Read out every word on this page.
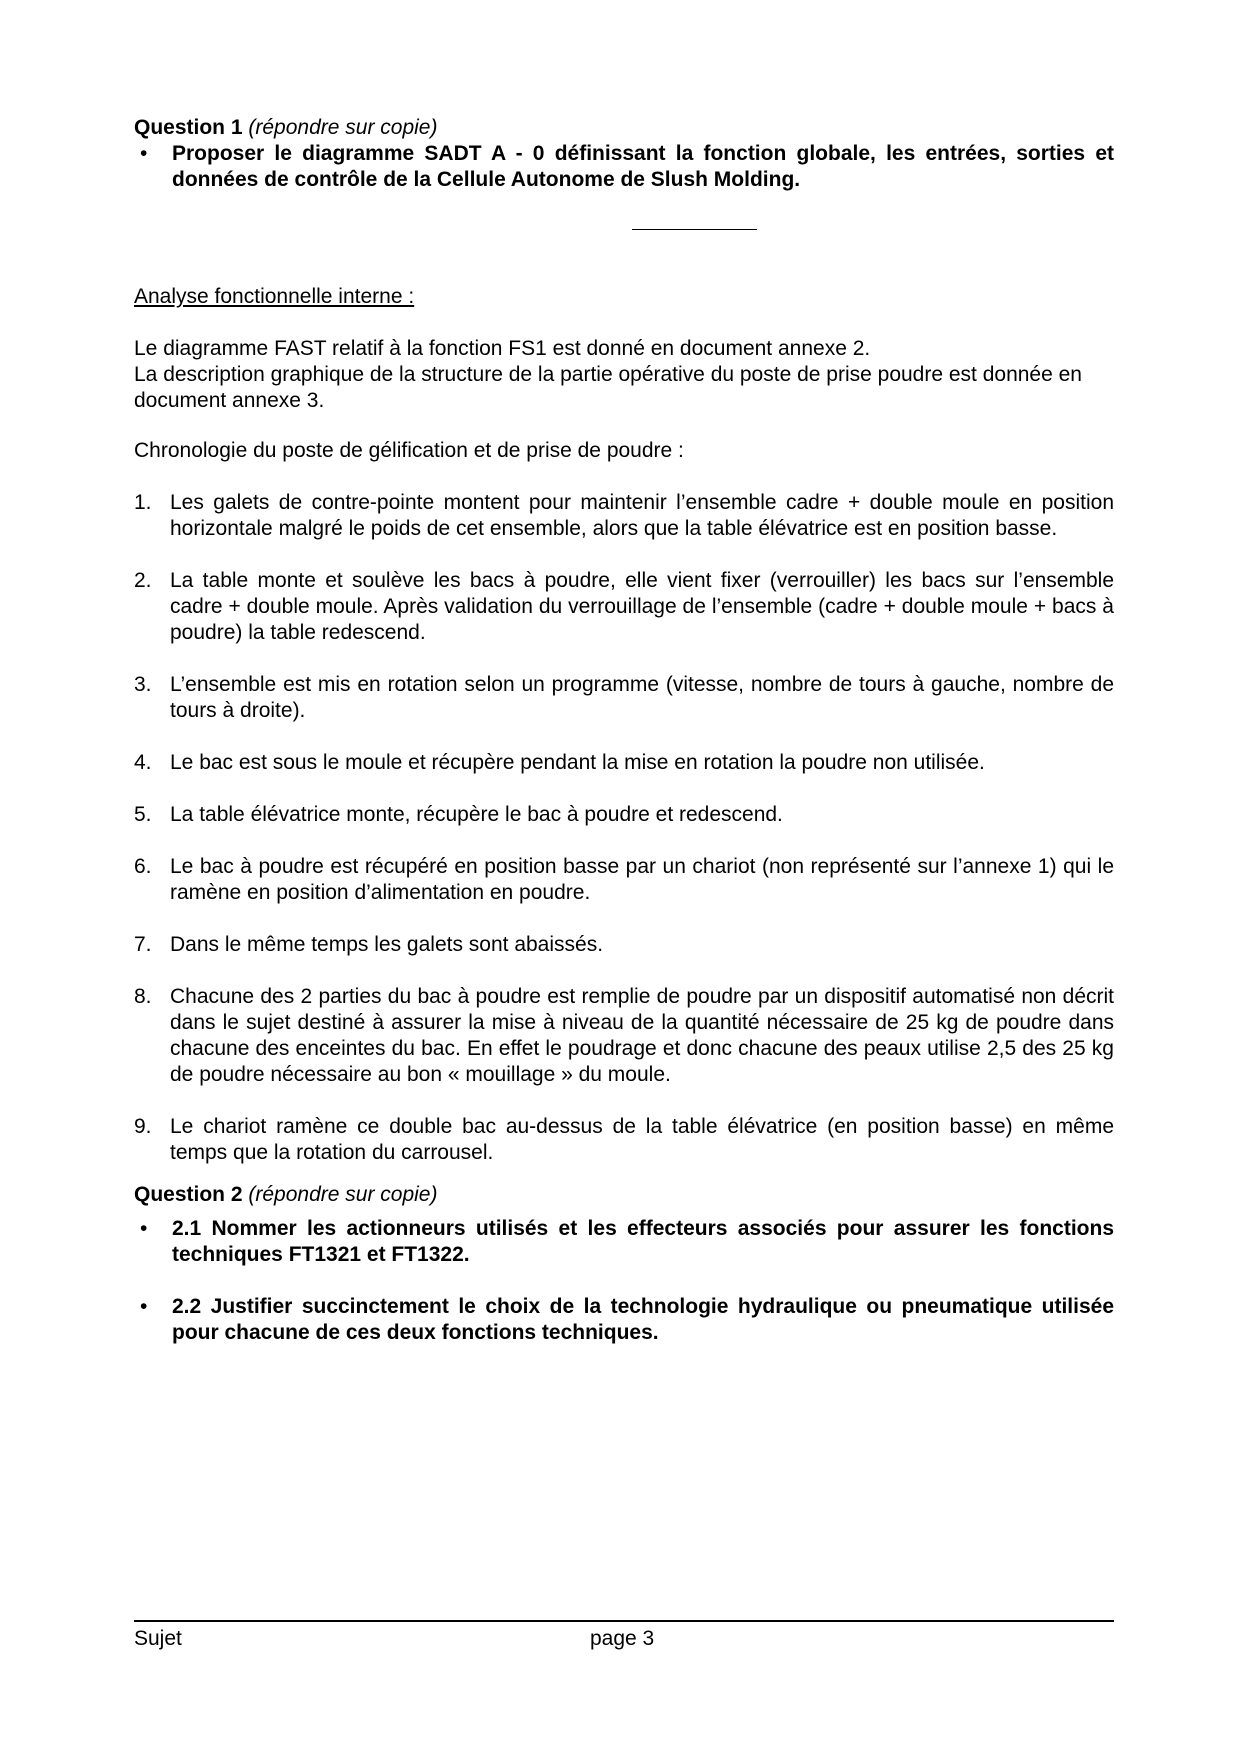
Question 1 (répondre sur copie)

• Proposer le diagramme SADT A - 0 définissant la fonction globale, les entrées, sorties et données de contrôle de la Cellule Autonome de Slush Molding.

Analyse fonctionnelle interne :

Le diagramme FAST relatif à la fonction FS1 est donné en document annexe 2.

La description graphique de la structure de la partie opérative du poste de prise poudre est donnée en document annexe 3.

Chronologie du poste de gélification et de prise de poudre :

1. Les galets de contre-pointe montent pour maintenir l’ensemble cadre + double moule en position horizontale malgré le poids de cet ensemble, alors que la table élévatrice est en position basse.
2. La table monte et soulève les bacs à poudre, elle vient fixer (verrouiller) les bacs sur l’ensemble cadre + double moule. Après validation du verrouillage de l’ensemble (cadre + double moule + bacs à poudre) la table redescend.
3. L’ensemble est mis en rotation selon un programme (vitesse, nombre de tours à gauche, nombre de tours à droite).
4. Le bac est sous le moule et récupère pendant la mise en rotation la poudre non utilisée.
5. La table élévatrice monte, récupère le bac à poudre et redescend.
6. Le bac à poudre est récupéré en position basse par un chariot (non représenté sur l’annexe 1) qui le ramène en position d’alimentation en poudre.
7. Dans le même temps les galets sont abaissés.
8. Chacune des 2 parties du bac à poudre est remplie de poudre par un dispositif automatisé non décrit dans le sujet destiné à assurer la mise à niveau de la quantité nécessaire de 25 kg de poudre dans chacune des enceintes du bac. En effet le poudrage et donc chacune des peaux utilise 2,5 des 25 kg de poudre nécessaire au bon « mouillage » du moule.
9. Le chariot ramène ce double bac au-dessus de la table élévatrice (en position basse) en même temps que la rotation du carrousel.

Question 2 (répondre sur copie)

• 2.1 Nommer les actionneurs utilisés et les effecteurs associés pour assurer les fonctions techniques FT1321 et FT1322.
• 2.2 Justifier succinctement le choix de la technologie hydraulique ou pneumatique utilisée pour chacune de ces deux fonctions techniques.
Sujet	page 3
